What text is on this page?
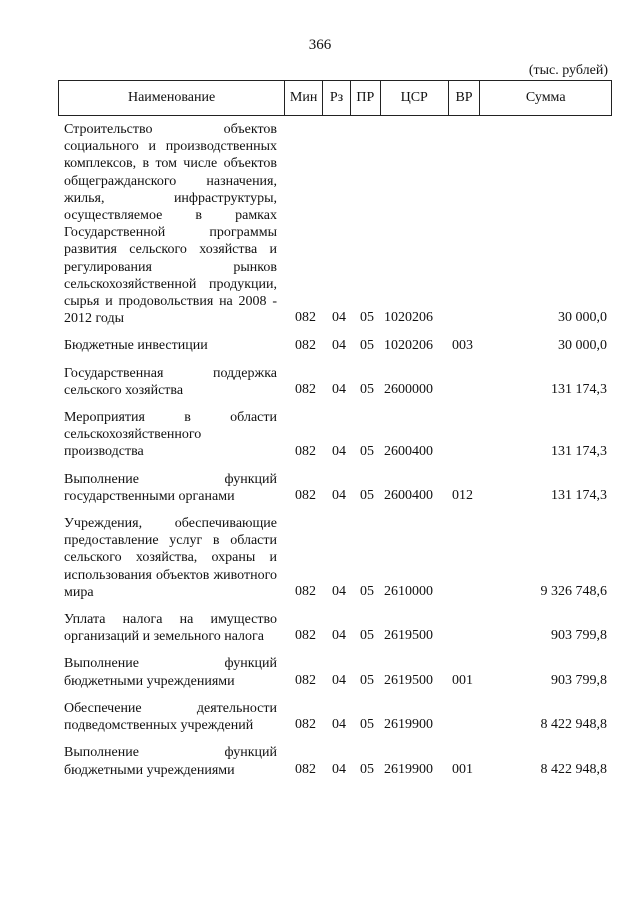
366
(тыс. рублей)
Наименование	Мин Рз ПР	ЦСР	ВР	Сумма
Строительство объектов социального и производственных комплексов, в том числе объектов общегражданского назначения, жилья, инфраструктуры, осуществляемое в рамках Государственной программы развития сельского хозяйства и регулирования рынков сельскохозяйственной продукции, сырья и продовольствия на 2008 - 2012 годы	082 04 05 1020206	30 000,0
Бюджетные инвестиции	082 04 05 1020206 003	30 000,0
Государственная поддержка сельского хозяйства	082 04 05 2600000	131 174,3
Мероприятия в области сельскохозяйственного производства	082 04 05 2600400	131 174,3
Выполнение функций государственными органами	082 04 05 2600400 012	131 174,3
Учреждения, обеспечивающие предоставление услуг в области сельского хозяйства, охраны и использования объектов животного мира	082 04 05 2610000	9 326 748,6
Уплата налога на имущество организаций и земельного налога	082 04 05 2619500	903 799,8
Выполнение функций бюджетными учреждениями	082 04 05 2619500 001	903 799,8
Обеспечение деятельности подведомственных учреждений	082 04 05 2619900	8 422 948,8
Выполнение функций бюджетными учреждениями	082 04 05 2619900 001	8 422 948,8
